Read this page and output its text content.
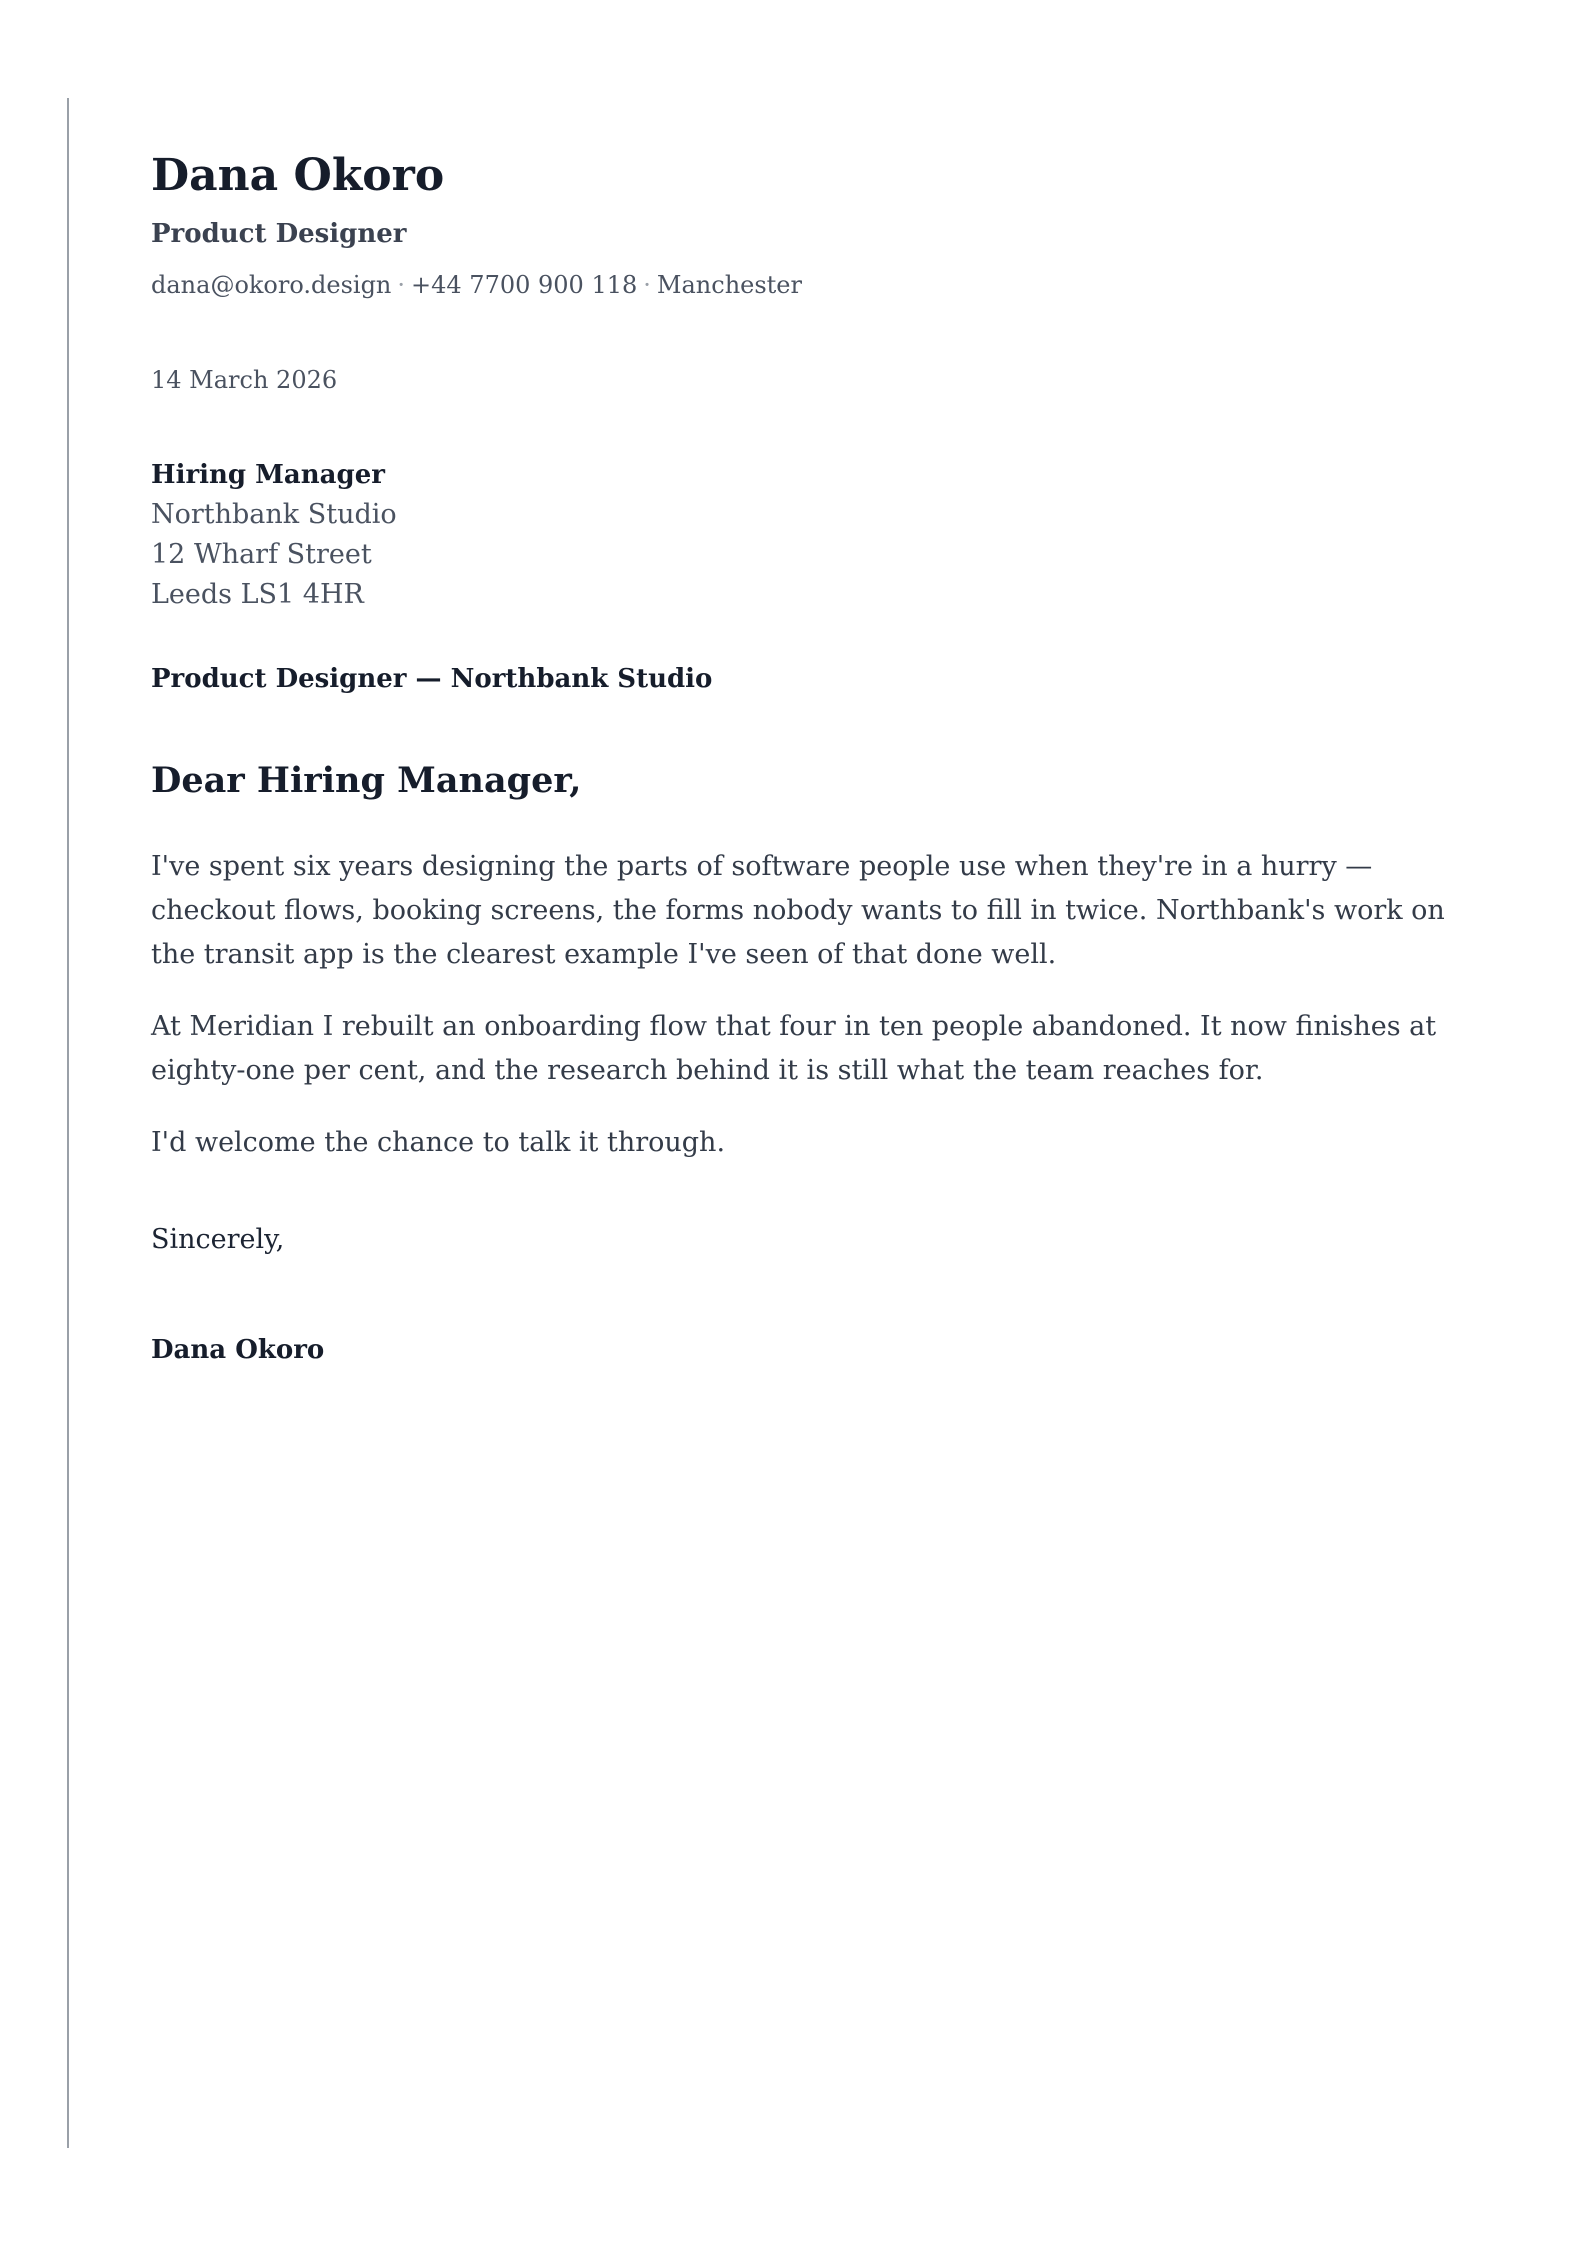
Dana Okoro
Product Designer
dana@okoro.design · +44 7700 900 118 · Manchester
14 March 2026
Hiring Manager
Northbank Studio
12 Wharf Street
Leeds LS1 4HR
Product Designer — Northbank Studio
Dear Hiring Manager,

I've spent six years designing the parts of software people use when they're in a hurry — checkout flows, booking screens, the forms nobody wants to fill in twice. Northbank's work on the transit app is the clearest example I've seen of that done well.

At Meridian I rebuilt an onboarding flow that four in ten people abandoned. It now finishes at eighty-one per cent, and the research behind it is still what the team reaches for.

I'd welcome the chance to talk it through.

Sincerely,
Dana Okoro
